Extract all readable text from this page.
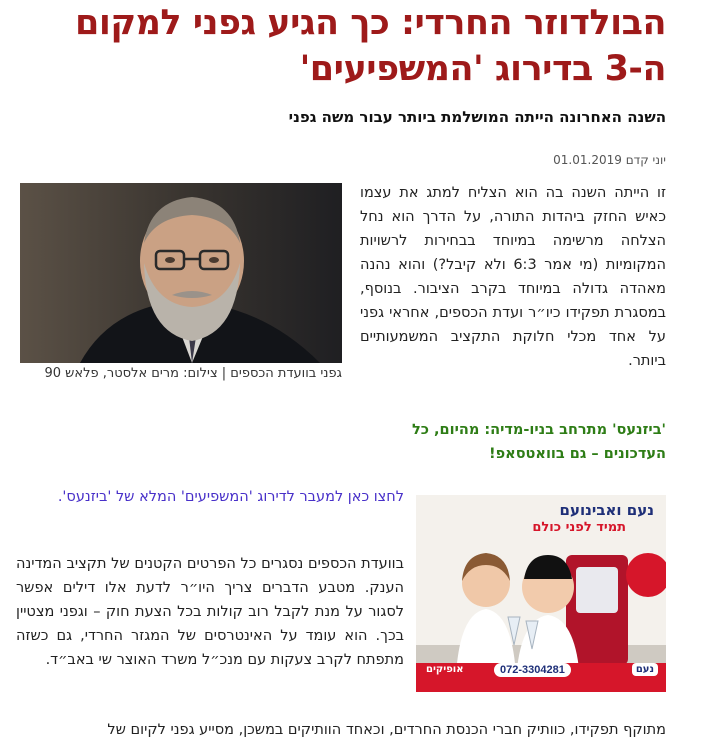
הבולדוזר החרדי: כך הגיע גפני למקום ה-3 בדירוג 'המשפיעים'
השנה האחרונה הייתה המושלמת ביותר עבור משה גפני
יוני קדם 01.01.2019
גפני בוועדת הכספים | צילום: מרים אלסטר, פלאש 90

זו הייתה השנה בה הוא הצליח למתג את עצמו כאיש החזק ביהדות התורה, על הדרך הוא נחל הצלחה מרשימה במיוחד בבחירות לרשויות המקומיות (מי אמר 6:3 ולא קיבל?) והוא נהנה מאהדה גדולה במיוחד בקרב הציבור. בנוסף, במסגרת תפקידו כיו״ר ועדת הכספים, אחראי גפני על אחד מכלי חלוקת התקציב המשמעותיים ביותר.

'ביזנעס' מתרחב בניו-מדיה: מהיום, כל העדכונים – גם בוואטסאפ!
לחצו כאן למעבר לדירוג 'המשפיעים' המלא של 'ביזנעס'.

בוועדת הכספים נסגרים כל הפרטים הקטנים של תקציב המדינה הענק. מטבע הדברים צריך היו״ר לדעת אלו דילים אפשר לסגור על מנת לקבל רוב קולות בכל הצעת חוק – וגפני מצטיין בכך. הוא עומד על האינטרסים של המגזר החרדי, גם כשזה מתפתח לקרב צעקות עם מנכ״ל משרד האוצר שי באב״ד.

נעם ואבינועם
תמיד לפני כולם
אופיקים	072-3304281	נעם

מתוקף תפקידו, כוותיק חברי הכנסת החרדים, וכאחד הוותיקים במשכן, מסייע גפני לקיום של
